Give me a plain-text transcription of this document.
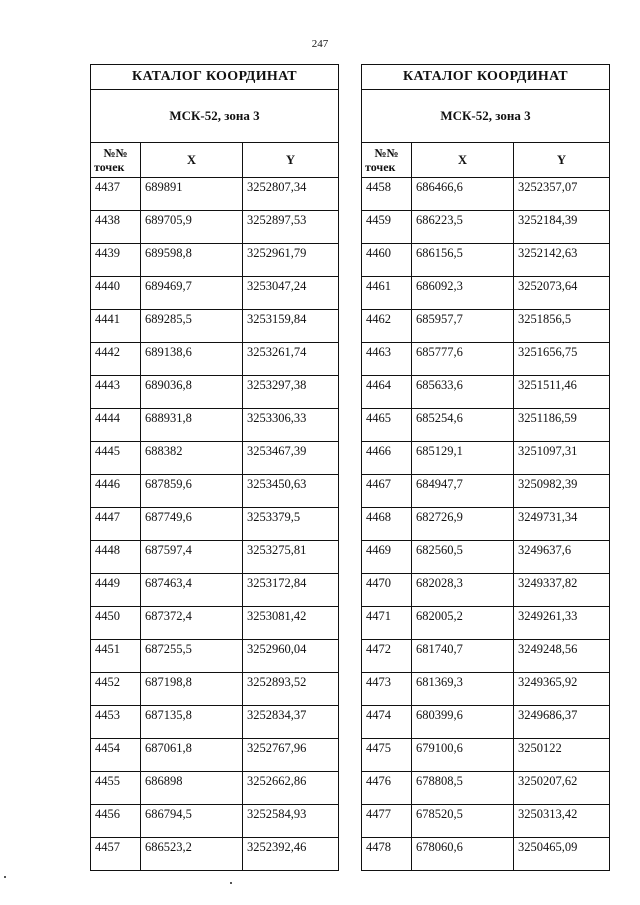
247
КАТАЛОГ КООРДИНАТ		
МСК-52, зона 3		

№№
точек	X	Y
4437	689891	3252807,34
4438	689705,9	3252897,53
4439	689598,8	3252961,79
4440	689469,7	3253047,24
4441	689285,5	3253159,84
4442	689138,6	3253261,74
4443	689036,8	3253297,38
4444	688931,8	3253306,33
4445	688382	3253467,39
4446	687859,6	3253450,63
4447	687749,6	3253379,5
4448	687597,4	3253275,81
4449	687463,4	3253172,84
4450	687372,4	3253081,42
4451	687255,5	3252960,04
4452	687198,8	3252893,52
4453	687135,8	3252834,37
4454	687061,8	3252767,96
4455	686898	3252662,86
4456	686794,5	3252584,93
4457	686523,2	3252392,46
КАТАЛОГ КООРДИНАТ		
МСК-52, зона 3		

№№
точек	X	Y
4458	686466,6	3252357,07
4459	686223,5	3252184,39
4460	686156,5	3252142,63
4461	686092,3	3252073,64
4462	685957,7	3251856,5
4463	685777,6	3251656,75
4464	685633,6	3251511,46
4465	685254,6	3251186,59
4466	685129,1	3251097,31
4467	684947,7	3250982,39
4468	682726,9	3249731,34
4469	682560,5	3249637,6
4470	682028,3	3249337,82
4471	682005,2	3249261,33
4472	681740,7	3249248,56
4473	681369,3	3249365,92
4474	680399,6	3249686,37
4475	679100,6	3250122
4476	678808,5	3250207,62
4477	678520,5	3250313,42
4478	678060,6	3250465,09
